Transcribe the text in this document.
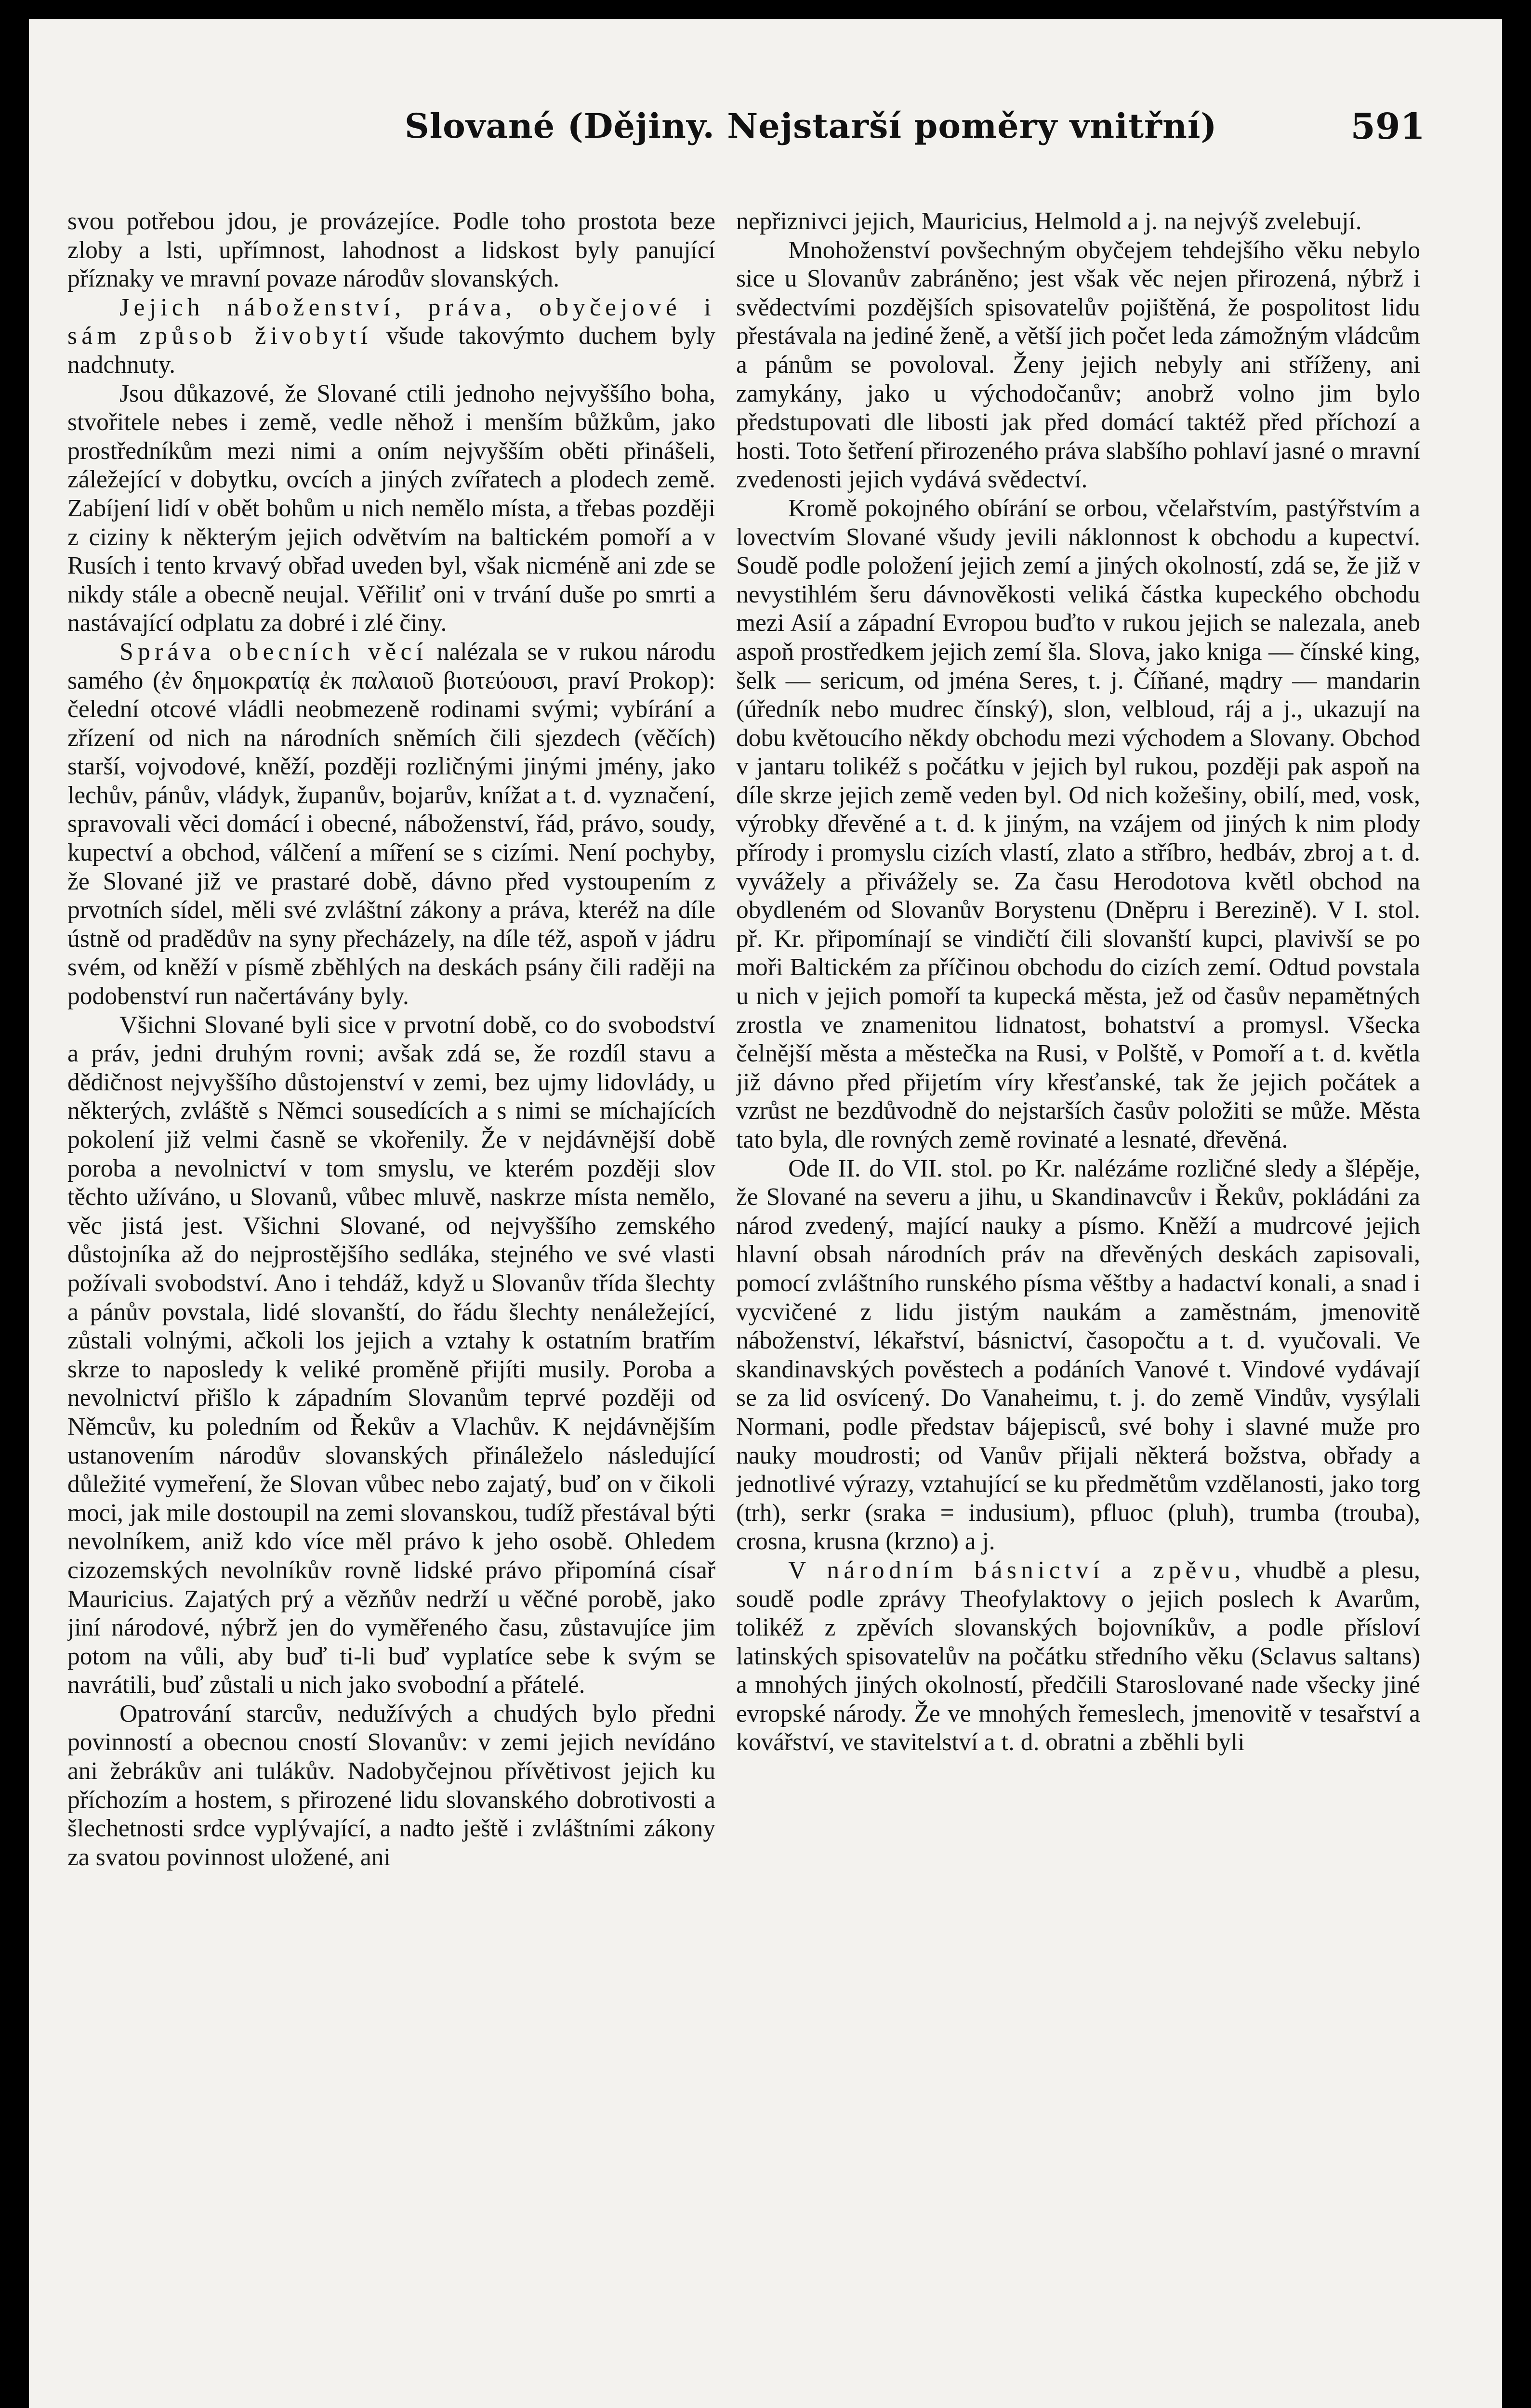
Slované (Dějiny. Nejstarší poměry vnitřní)	591

svou potřebou jdou, je provázejíce. Podle toho prostota beze zloby a lsti, upřímnost, lahodnost a lidskost byly panující příznaky ve mravní povaze národův slovanských.

Jejich náboženství, práva, obyčejové i sám způsob živobytí všude takovýmto duchem byly nadchnuty.

Jsou důkazové, že Slované ctili jednoho nejvyššího boha, stvořitele nebes i země, vedle něhož i menším bůžkům, jako prostředníkům mezi nimi a oním nejvyšším oběti přinášeli, záležející v dobytku, ovcích a jiných zvířatech a plodech země. Zabíjení lidí v obět bohům u nich nemělo místa, a třebas později z ciziny k některým jejich odvětvím na baltickém pomoří a v Rusích i tento krvavý obřad uveden byl, však nicméně ani zde se nikdy stále a obecně neujal. Věřiliť oni v trvání duše po smrti a nastávající odplatu za dobré i zlé činy.

Správa obecních věcí nalézala se v rukou národu samého (ἐν δημοκρατίᾳ ἐκ παλαιοῦ βιοτεύουσι, praví Prokop): čelední otcové vládli neobmezeně rodinami svými; vybírání a zřízení od nich na národních sněmích čili sjezdech (věčích) starší, vojvodové, kněží, později rozličnými jinými jmény, jako lechův, pánův, vládyk, županův, bojarův, knížat a t. d. vyznačení, spravovali věci domácí i obecné, náboženství, řád, právo, soudy, kupectví a obchod, válčení a míření se s cizími. Není pochyby, že Slované již ve prastaré době, dávno před vystoupením z prvotních sídel, měli své zvláštní zákony a práva, kteréž na díle ústně od pradědův na syny přecházely, na díle též, aspoň v jádru svém, od kněží v písmě zběhlých na deskách psány čili raději na podobenství run načertávány byly.

Všichni Slované byli sice v prvotní době, co do svobodství a práv, jedni druhým rovni; avšak zdá se, že rozdíl stavu a dědičnost nejvyššího důstojenství v zemi, bez ujmy lidovlády, u některých, zvláště s Němci sousedících a s nimi se míchajících pokolení již velmi časně se vkořenily. Že v nejdávnější době poroba a nevolnictví v tom smyslu, ve kterém později slov těchto užíváno, u Slovanů, vůbec mluvě, naskrze místa nemělo, věc jistá jest. Všichni Slované, od nejvyššího zemského důstojníka až do nejprostějšího sedláka, stejného ve své vlasti požívali svobodství. Ano i tehdáž, když u Slovanův třída šlechty a pánův povstala, lidé slovanští, do řádu šlechty nenáležející, zůstali volnými, ačkoli los jejich a vztahy k ostatním bratřím skrze to naposledy k veliké proměně přijíti musily. Poroba a nevolnictví přišlo k západním Slovanům teprvé později od Němcův, ku poledním od Řekův a Vlachův. K nejdávnějším ustanovením národův slovanských přináleželo následující důležité vymeření, že Slovan vůbec nebo zajatý, buď on v čikoli moci, jak mile dostoupil na zemi slovanskou, tudíž přestával býti nevolníkem, aniž kdo více měl právo k jeho osobě. Ohledem cizozemských nevolníkův rovně lidské právo připomíná císař Mauricius. Zajatých prý a vězňův nedrží u věčné porobě, jako jiní národové, nýbrž jen do vyměřeného času, zůstavujíce jim potom na vůli, aby buď ti-li buď vyplatíce sebe k svým se navrátili, buď zůstali u nich jako svobodní a přátelé.

Opatrování starcův, nedužívých a chudých bylo předni povinností a obecnou cností Slovanův: v zemi jejich nevídáno ani žebrákův ani tulákův. Nadobyčejnou přívětivost jejich ku příchozím a hostem, s přirozené lidu slovanského dobrotivosti a šlechetnosti srdce vyplývající, a nadto ještě i zvláštními zákony za svatou povinnost uložené, ani

nepřiznivci jejich, Mauricius, Helmold a j. na nejvýš zvelebují.

Mnohoženství povšechným obyčejem tehdejšího věku nebylo sice u Slovanův zabráněno; jest však věc nejen přirozená, nýbrž i svědectvími pozdějších spisovatelův pojištěná, že pospolitost lidu přestávala na jediné ženě, a větší jich počet leda zámožným vládcům a pánům se povoloval. Ženy jejich nebyly ani stříženy, ani zamykány, jako u východočanův; anobrž volno jim bylo předstupovati dle libosti jak před domácí taktéž před příchozí a hosti. Toto šetření přirozeného práva slabšího pohlaví jasné o mravní zvedenosti jejich vydává svědectví.

Kromě pokojného obírání se orbou, včelařstvím, pastýřstvím a lovectvím Slované všudy jevili náklonnost k obchodu a kupectví. Soudě podle položení jejich zemí a jiných okolností, zdá se, že již v nevystihlém šeru dávnověkosti veliká částka kupeckého obchodu mezi Asií a západní Evropou buďto v rukou jejich se nalezala, aneb aspoň prostředkem jejich zemí šla. Slova, jako kniga — čínské king, šelk — sericum, od jména Seres, t. j. Číňané, mądry — mandarin (úředník nebo mudrec čínský), slon, velbloud, ráj a j., ukazují na dobu květoucího někdy obchodu mezi východem a Slovany. Obchod v jantaru tolikéž s počátku v jejich byl rukou, později pak aspoň na díle skrze jejich země veden byl. Od nich kožešiny, obilí, med, vosk, výrobky dřevěné a t. d. k jiným, na vzájem od jiných k nim plody přírody i promyslu cizích vlastí, zlato a stříbro, hedbáv, zbroj a t. d. vyvážely a přivážely se. Za času Herodotova květl obchod na obydleném od Slovanův Borystenu (Dněpru i Berezině). V I. stol. př. Kr. připomínají se vindičtí čili slovanští kupci, plavivší se po moři Baltickém za příčinou obchodu do cizích zemí. Odtud povstala u nich v jejich pomoří ta kupecká města, jež od časův nepamětných zrostla ve znamenitou lidnatost, bohatství a promysl. Všecka čelnější města a městečka na Rusi, v Polště, v Pomoří a t. d. květla již dávno před přijetím víry křesťanské, tak že jejich počátek a vzrůst ne bezdůvodně do nejstarších časův položiti se může. Města tato byla, dle rovných země rovinaté a lesnaté, dřevěná.

Ode II. do VII. stol. po Kr. nalézáme rozličné sledy a šlépěje, že Slované na severu a jihu, u Skandinavcův i Řekův, pokládáni za národ zvedený, mající nauky a písmo. Kněží a mudrcové jejich hlavní obsah národních práv na dřevěných deskách zapisovali, pomocí zvláštního runského písma věštby a hadactví konali, a snad i vycvičené z lidu jistým naukám a zaměstnám, jmenovitě náboženství, lékařství, básnictví, časopočtu a t. d. vyučovali. Ve skandinavských pověstech a podáních Vanové t. Vindové vydávají se za lid osvícený. Do Vanaheimu, t. j. do země Vindův, vysýlali Normani, podle představ bájepisců, své bohy i slavné muže pro nauky moudrosti; od Vanův přijali některá božstva, obřady a jednotlivé výrazy, vztahující se ku předmětům vzdělanosti, jako torg (trh), serkr (sraka = indusium), pfluoc (pluh), trumba (trouba), crosna, krusna (krzno) a j.

V národním básnictví a zpěvu, vhudbě a plesu, soudě podle zprávy Theofylaktovy o jejich poslech k Avarům, tolikéž z zpěvích slovanských bojovníkův, a podle přísloví latinských spisovatelův na počátku středního věku (Sclavus saltans) a mnohých jiných okolností, předčili Staroslované nade všecky jiné evropské národy. Že ve mnohých řemeslech, jmenovitě v tesařství a kovářství, ve stavitelství a t. d. obratni a zběhli byli
